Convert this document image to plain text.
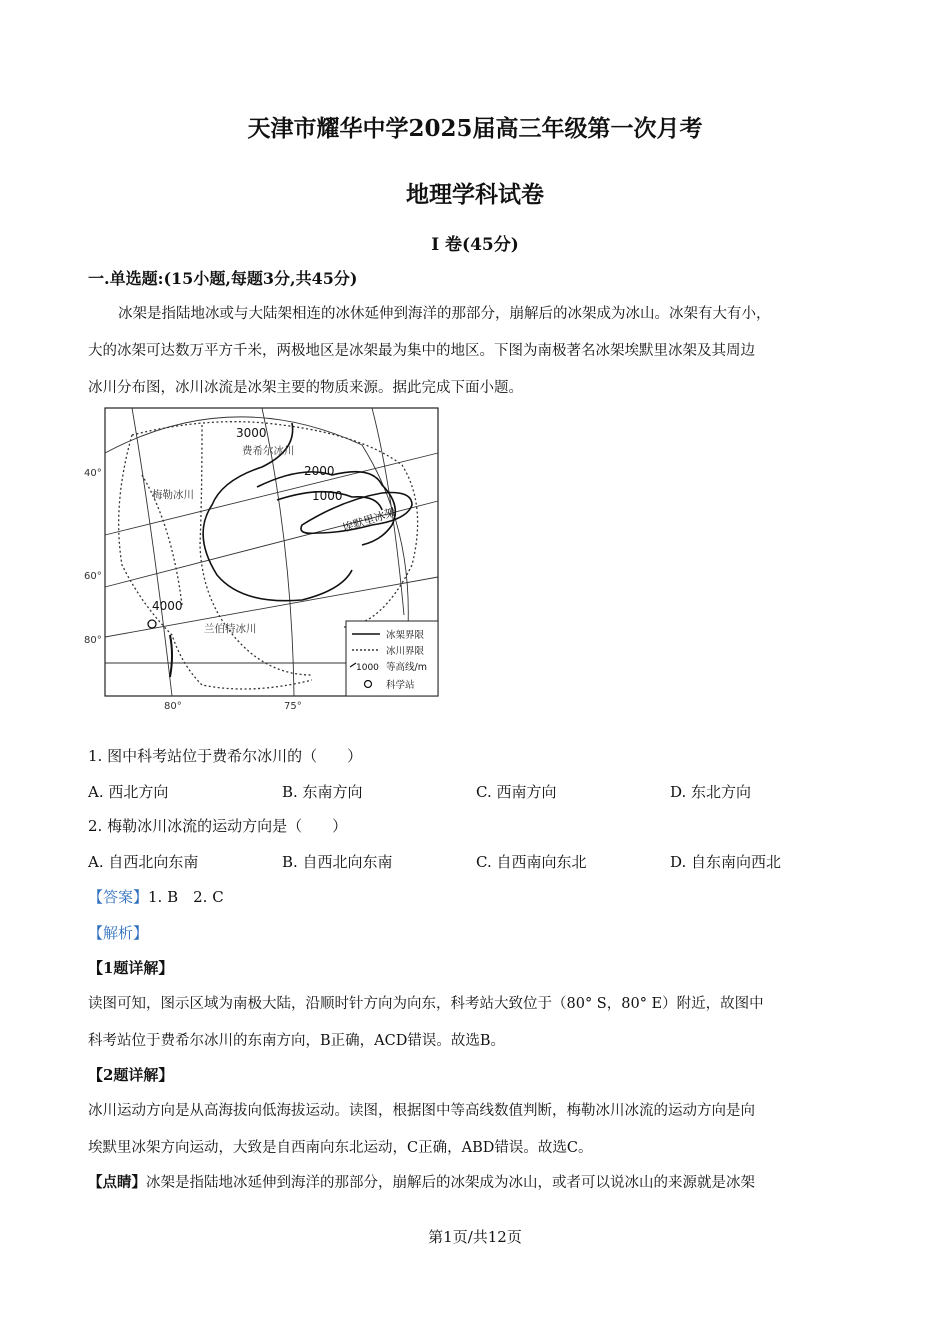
天津市耀华中学2025届高三年级第一次月考
地理学科试卷
Ⅰ 卷(45分)
一.单选题:(15小题,每题3分,共45分)
冰架是指陆地冰或与大陆架相连的冰休延伸到海洋的那部分，崩解后的冰架成为冰山。冰架有大有小，
大的冰架可达数万平方千米，两极地区是冰架最为集中的地区。下图为南极著名冰架埃默里冰架及其周边
冰川分布图，冰川冰流是冰架主要的物质来源。据此完成下面小题。
3000
2000
1000
4000
费希尔冰川
梅勒冰川
兰伯特冰川
埃默里冰架
40°
60°
80°
80°	75°
冰架界限
冰川界限
1000 等高线/m
科学站
1. 图中科考站位于费希尔冰川的（　　）
A. 西北方向	B. 东南方向	C. 西南方向	D. 东北方向
2. 梅勒冰川冰流的运动方向是（　　）
A. 自西北向东南	B. 自西北向东南	C. 自西南向东北	D. 自东南向西北
【答案】1. B　2. C
【解析】
【1题详解】
读图可知，图示区域为南极大陆，沿顺时针方向为向东，科考站大致位于（80° S，80° E）附近，故图中
科考站位于费希尔冰川的东南方向，B正确，ACD错误。故选B。
【2题详解】
冰川运动方向是从高海拔向低海拔运动。读图，根据图中等高线数值判断，梅勒冰川冰流的运动方向是向
埃默里冰架方向运动，大致是自西南向东北运动，C正确，ABD错误。故选C。
【点睛】冰架是指陆地冰延伸到海洋的那部分，崩解后的冰架成为冰山，或者可以说冰山的来源就是冰架
第1页/共12页
